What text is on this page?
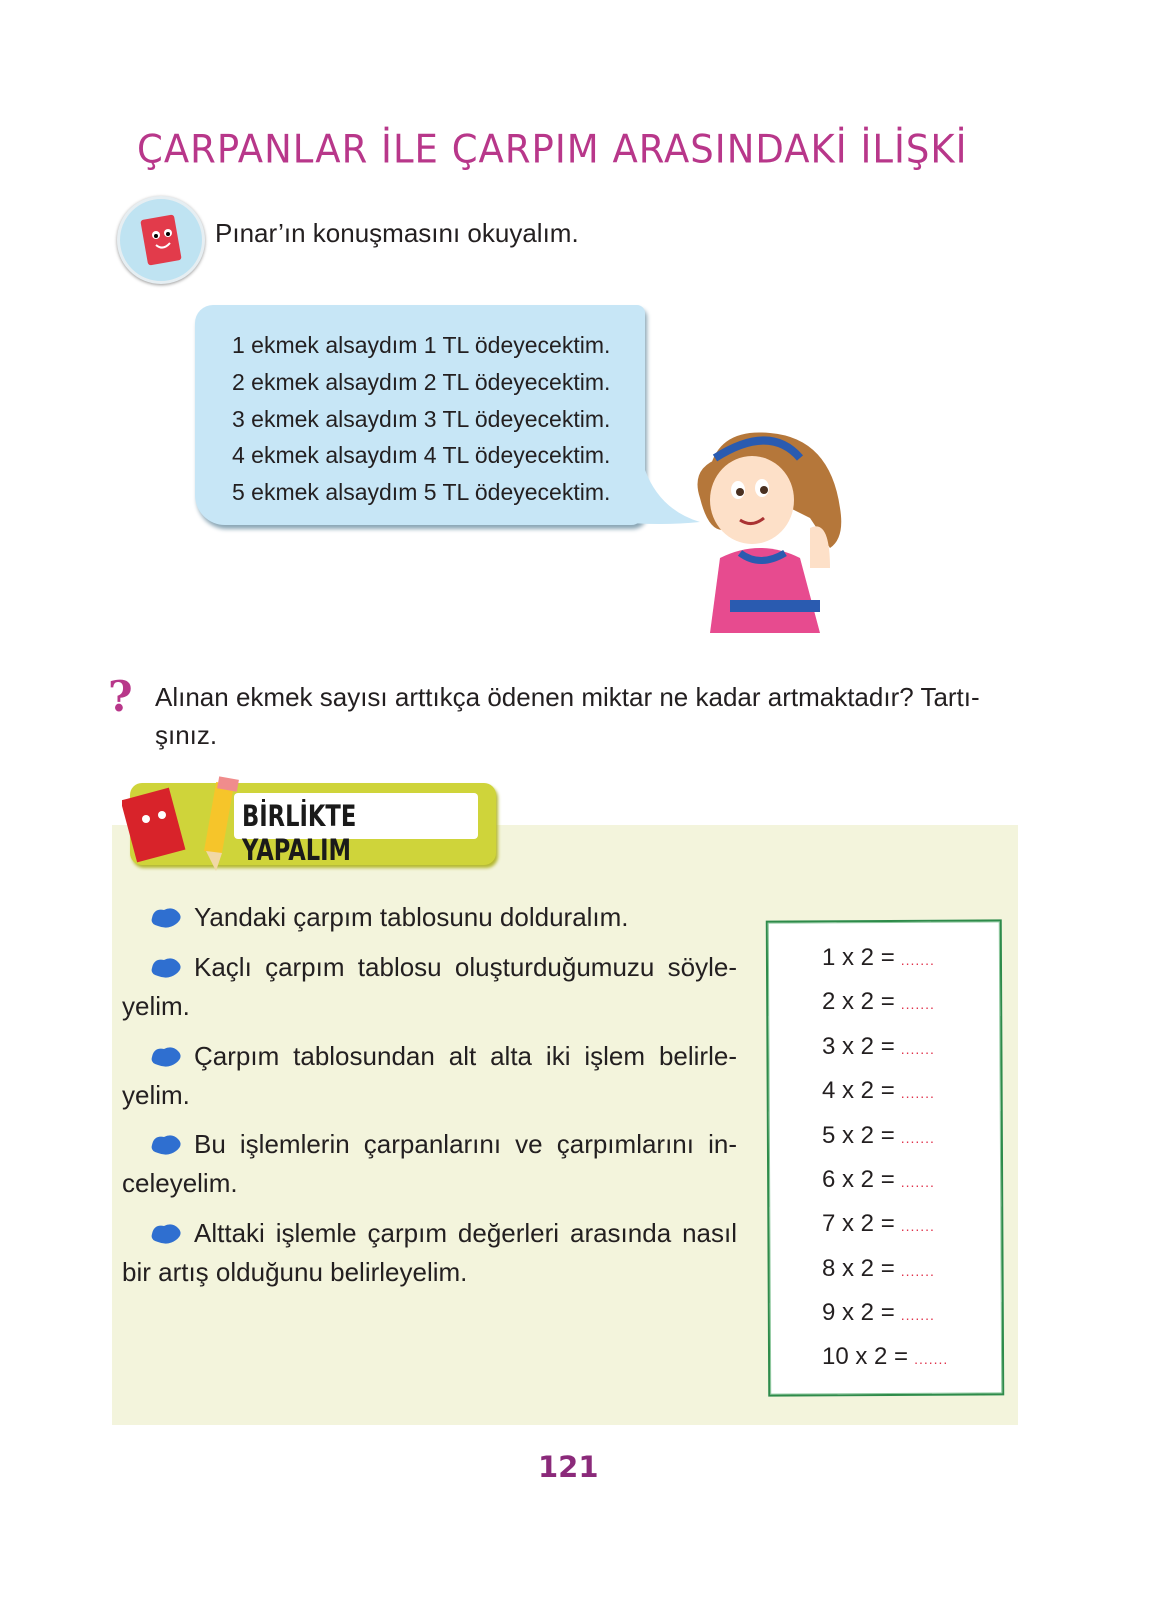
ÇARPANLAR İLE ÇARPIM ARASINDAKİ İLİŞKİ
Pınar’ın konuşmasını okuyalım.
1 ekmek alsaydım 1 TL ödeyecektim.
2 ekmek alsaydım 2 TL ödeyecektim.
3 ekmek alsaydım 3 TL ödeyecektim.
4 ekmek alsaydım 4 TL ödeyecektim.
5 ekmek alsaydım 5 TL ödeyecektim.
? Alınan ekmek sayısı arttıkça ödenen miktar ne kadar artmaktadır? Tartı-
şınız.
BİRLİKTE YAPALIM
Yandaki çarpım tablosunu dolduralım.
Kaçlı çarpım tablosu oluşturduğumuzu söyleyelim.
Çarpım tablosundan alt alta iki işlem belirleyelim.
Bu işlemlerin çarpanlarını ve çarpımlarını inceleyelim.
Alttaki işlemle çarpım değerleri arasında nasıl bir artış olduğunu belirleyelim.
1 x 2 = .......
2 x 2 = .......
3 x 2 = .......
4 x 2 = .......
5 x 2 = .......
6 x 2 = .......
7 x 2 = .......
8 x 2 = .......
9 x 2 = .......
10 x 2 = .......
121
